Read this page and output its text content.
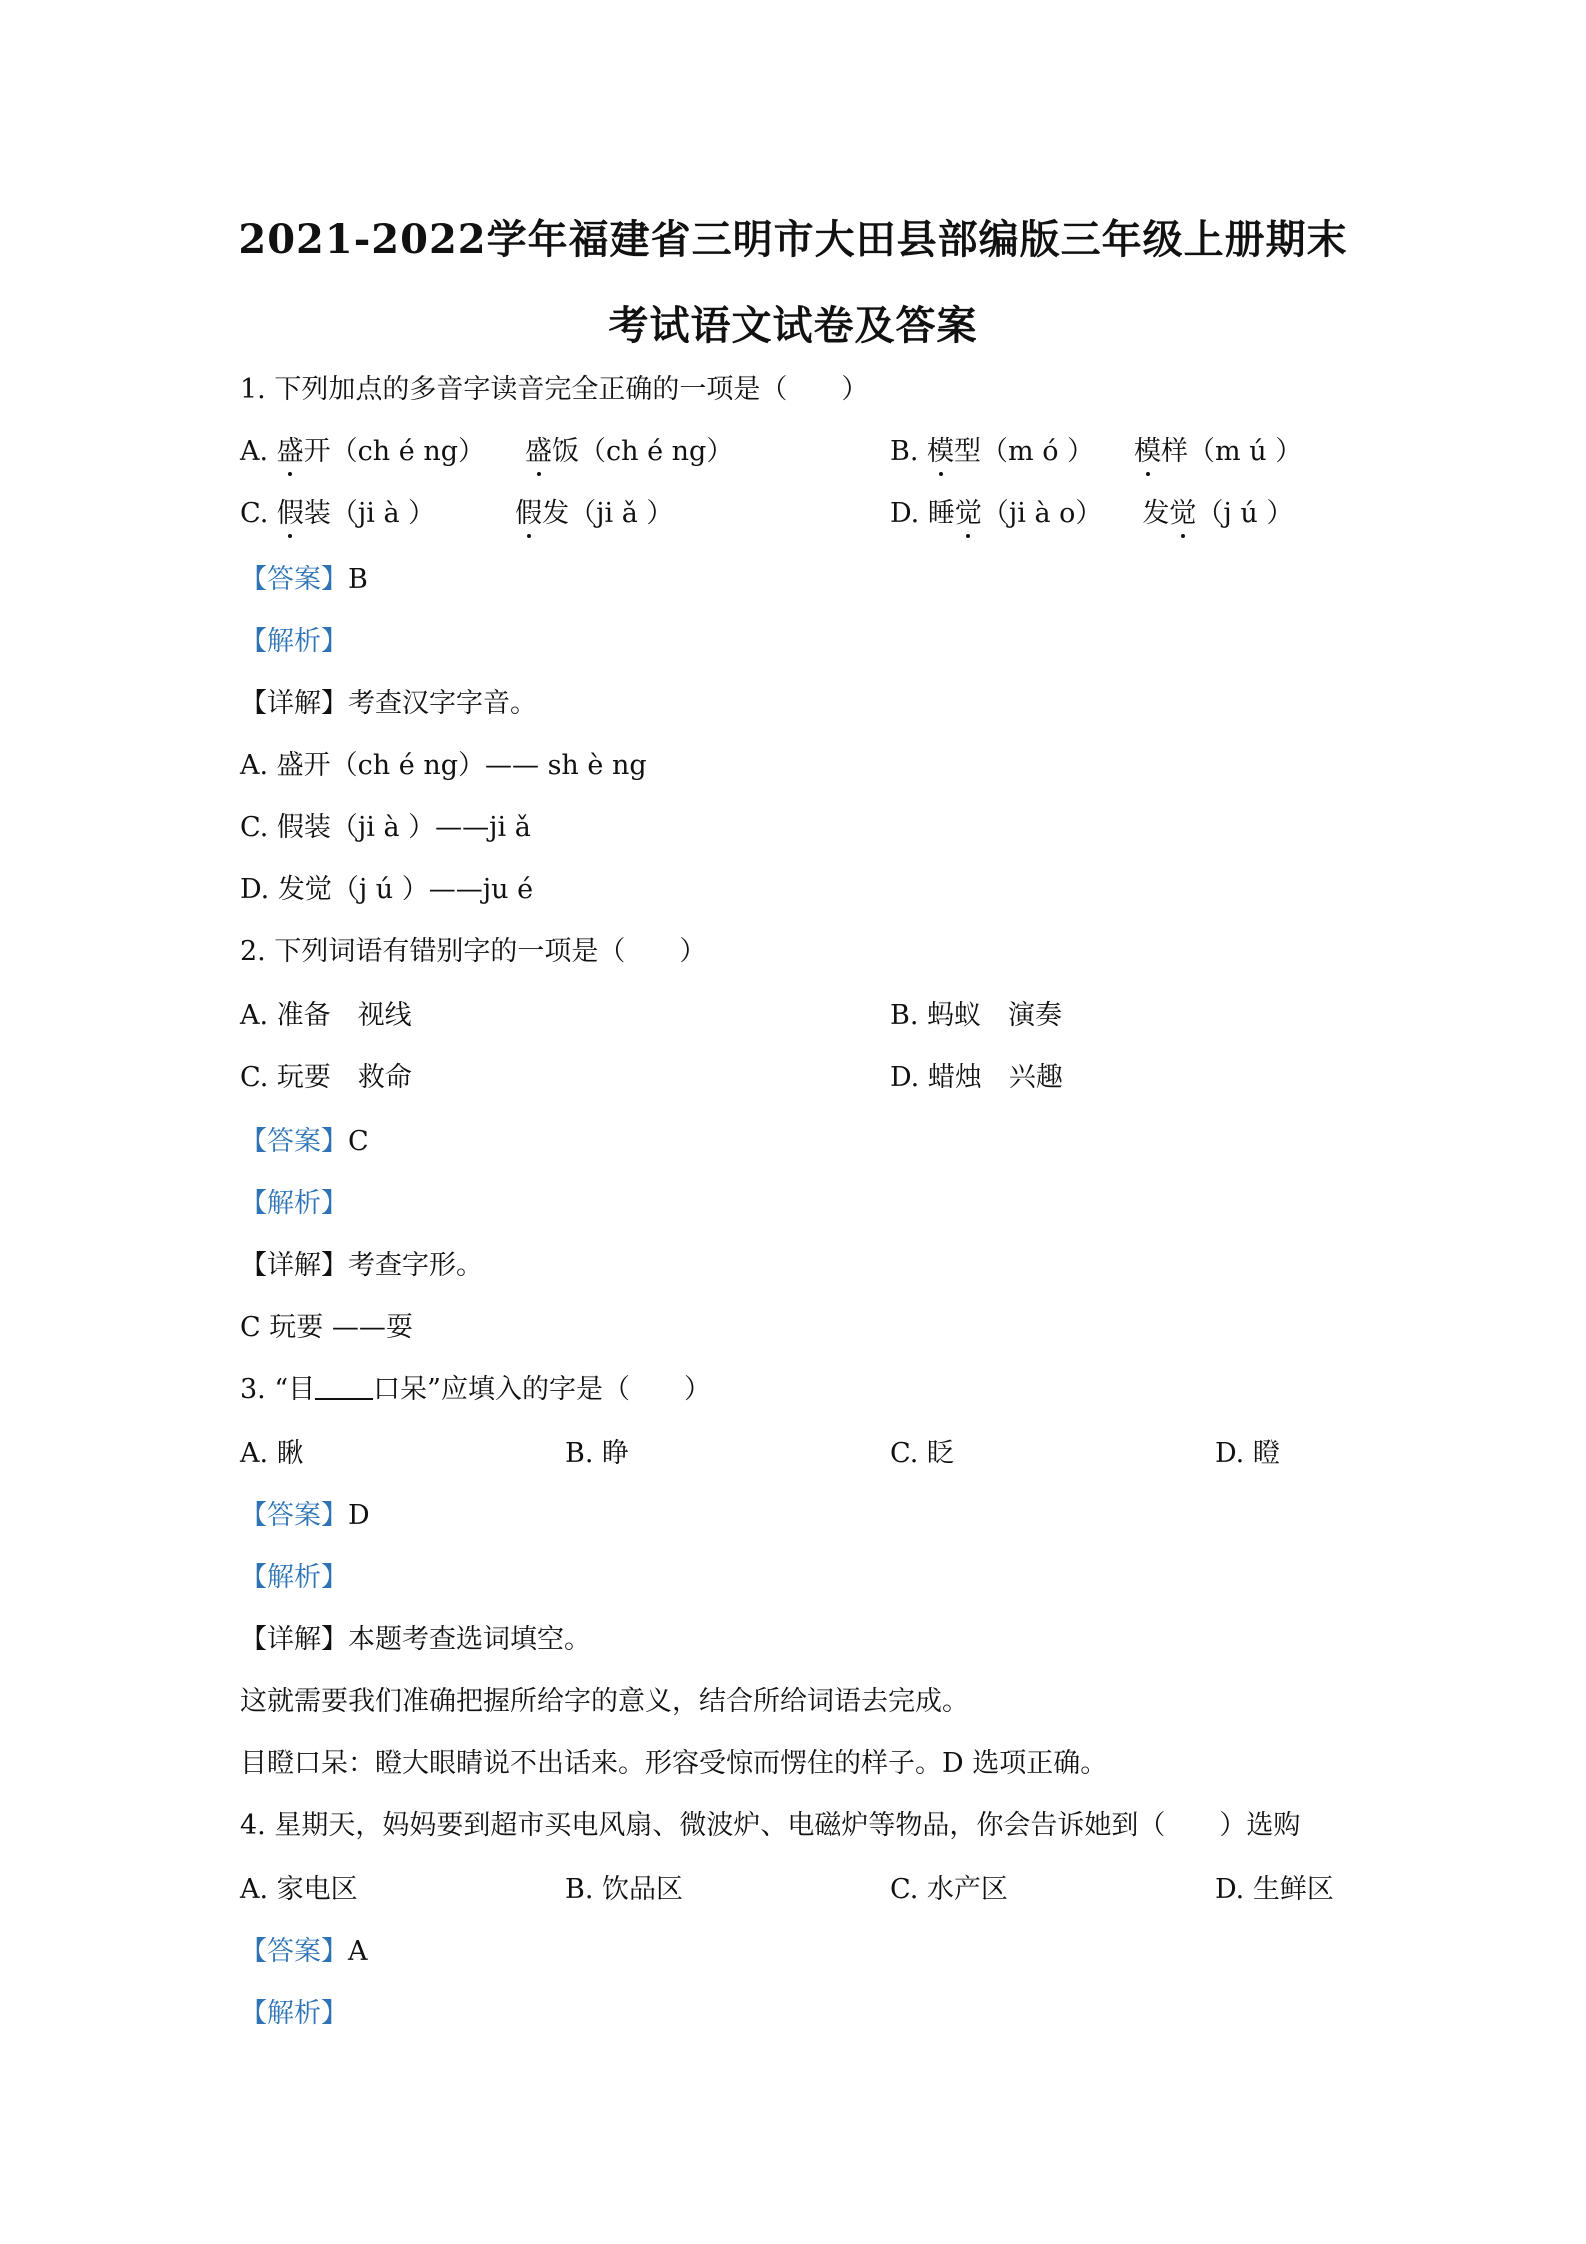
2021-2022学年福建省三明市大田县部编版三年级上册期末
考试语文试卷及答案
1. 下列加点的多音字读音完全正确的一项是（　　）
A. 盛开（ch é ng） 盛饭（ch é ng）	B. 模型（m ó ） 模样（m ú ）
C. 假装（ji à ）	假发（ji ǎ ）	D. 睡觉（ji à o） 发觉（j ú ）
【答案】B
【解析】
【详解】考查汉字字音。
A. 盛开（ch é ng）—— sh è ng
C. 假装（ji à ）——ji ǎ
D. 发觉（j ú ）——ju é
2. 下列词语有错别字的一项是（　　）
A. 准备　视线	B. 蚂蚁　演奏
C. 玩要　救命	D. 蜡烛　兴趣
【答案】C
【解析】
【详解】考查字形。
C 玩要 ——耍
3. “目 口呆”应填入的字是（　　）
A. 瞅	B. 睁	C. 眨	D. 瞪
【答案】D
【解析】
【详解】本题考查选词填空。
这就需要我们准确把握所给字的意义，结合所给词语去完成。
目瞪口呆：瞪大眼睛说不出话来。形容受惊而愣住的样子。D 选项正确。
4. 星期天，妈妈要到超市买电风扇、微波炉、电磁炉等物品，你会告诉她到（　　）选购
A. 家电区	B. 饮品区	C. 水产区	D. 生鲜区
【答案】A
【解析】
